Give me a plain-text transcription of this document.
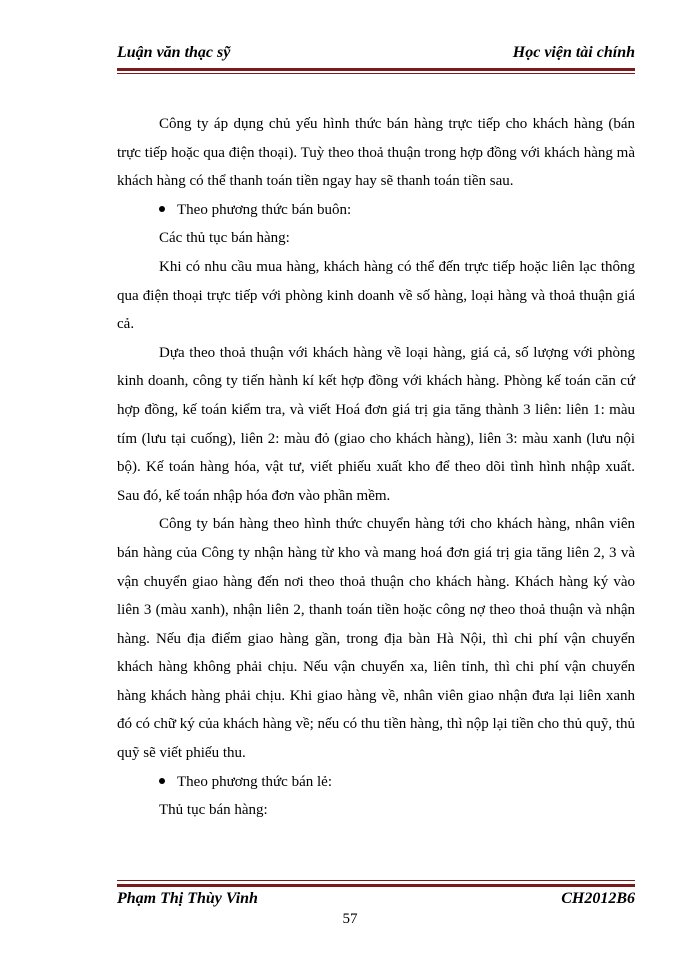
Luận văn thạc sỹ	Học viện tài chính

Công ty áp dụng chủ yếu hình thức bán hàng trực tiếp cho khách hàng (bán trực tiếp hoặc qua điện thoại). Tuỳ theo thoả thuận trong hợp đồng với khách hàng mà khách hàng có thể thanh toán tiền ngay hay sẽ thanh toán tiền sau.

Theo phương thức bán buôn:

Các thủ tục bán hàng:

Khi có nhu cầu mua hàng, khách hàng có thể đến trực tiếp hoặc liên lạc thông qua điện thoại trực tiếp với phòng kinh doanh về số hàng, loại hàng và thoả thuận giá cả.

Dựa theo thoả thuận với khách hàng về loại hàng, giá cả, số lượng với phòng kinh doanh, công ty tiến hành kí kết hợp đồng với khách hàng. Phòng kế toán căn cứ hợp đồng, kế toán kiểm tra, và viết Hoá đơn giá trị gia tăng thành 3 liên: liên 1: màu tím (lưu tại cuống), liên 2: màu đỏ (giao cho khách hàng), liên 3: màu xanh (lưu nội bộ). Kế toán hàng hóa, vật tư, viết phiếu xuất kho để theo dõi tình hình nhập xuất. Sau đó, kế toán nhập hóa đơn vào phần mềm.

Công ty bán hàng theo hình thức chuyển hàng tới cho khách hàng, nhân viên bán hàng của Công ty nhận hàng từ kho và mang hoá đơn giá trị gia tăng liên 2, 3 và vận chuyển giao hàng đến nơi theo thoả thuận cho khách hàng. Khách hàng ký vào liên 3 (màu xanh), nhận liên 2, thanh toán tiền hoặc công nợ theo thoả thuận và nhận hàng. Nếu địa điểm giao hàng gần, trong địa bàn Hà Nội, thì chi phí vận chuyển khách hàng không phải chịu. Nếu vận chuyển xa, liên tỉnh, thì chi phí vận chuyển hàng khách hàng phải chịu. Khi giao hàng về, nhân viên giao nhận đưa lại liên xanh đó có chữ ký của khách hàng về; nếu có thu tiền hàng, thì nộp lại tiền cho thủ quỹ, thủ quỹ sẽ viết phiếu thu.

Theo phương thức bán lẻ:

Thủ tục bán hàng:

Phạm Thị Thùy Vinh	CH2012B6
57
